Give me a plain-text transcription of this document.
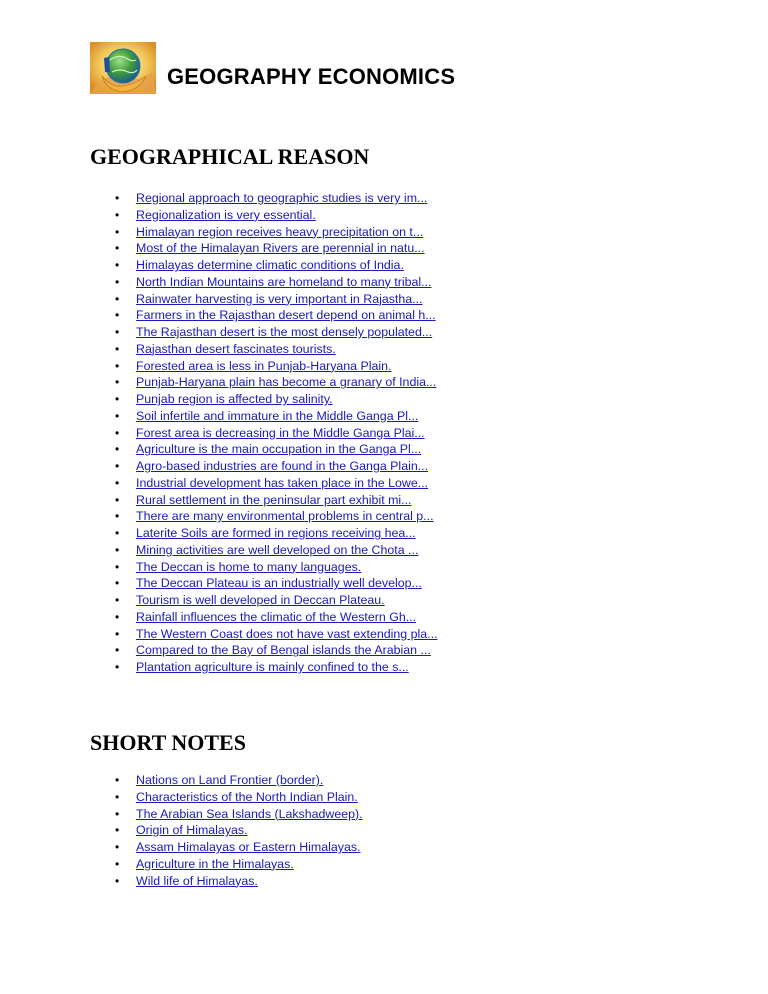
GEOGRAPHY ECONOMICS
GEOGRAPHICAL REASON
• Regional approach to geographic studies is very im...
• Regionalization is very essential.
• Himalayan region receives heavy precipitation on t...
• Most of the Himalayan Rivers are perennial in natu...
• Himalayas determine climatic conditions of India.
• North Indian Mountains are homeland to many tribal...
• Rainwater harvesting is very important in Rajastha...
• Farmers in the Rajasthan desert depend on animal h...
• The Rajasthan desert is the most densely populated...
• Rajasthan desert fascinates tourists.
• Forested area is less in Punjab-Haryana Plain.
• Punjab-Haryana plain has become a granary of India...
• Punjab region is affected by salinity.
• Soil infertile and immature in the Middle Ganga Pl...
• Forest area is decreasing in the Middle Ganga Plai...
• Agriculture is the main occupation in the Ganga Pl...
• Agro-based industries are found in the Ganga Plain...
• Industrial development has taken place in the Lowe...
• Rural settlement in the peninsular part exhibit mi...
• There are many environmental problems in central p...
• Laterite Soils are formed in regions receiving hea...
• Mining activities are well developed on the Chota ...
• The Deccan is home to many languages.
• The Deccan Plateau is an industrially well develop...
• Tourism is well developed in Deccan Plateau.
• Rainfall influences the climatic of the Western Gh...
• The Western Coast does not have vast extending pla...
• Compared to the Bay of Bengal islands the Arabian ...
• Plantation agriculture is mainly confined to the s...
SHORT NOTES
• Nations on Land Frontier (border).
• Characteristics of the North Indian Plain.
• The Arabian Sea Islands (Lakshadweep).
• Origin of Himalayas.
• Assam Himalayas or Eastern Himalayas.
• Agriculture in the Himalayas.
• Wild life of Himalayas.
